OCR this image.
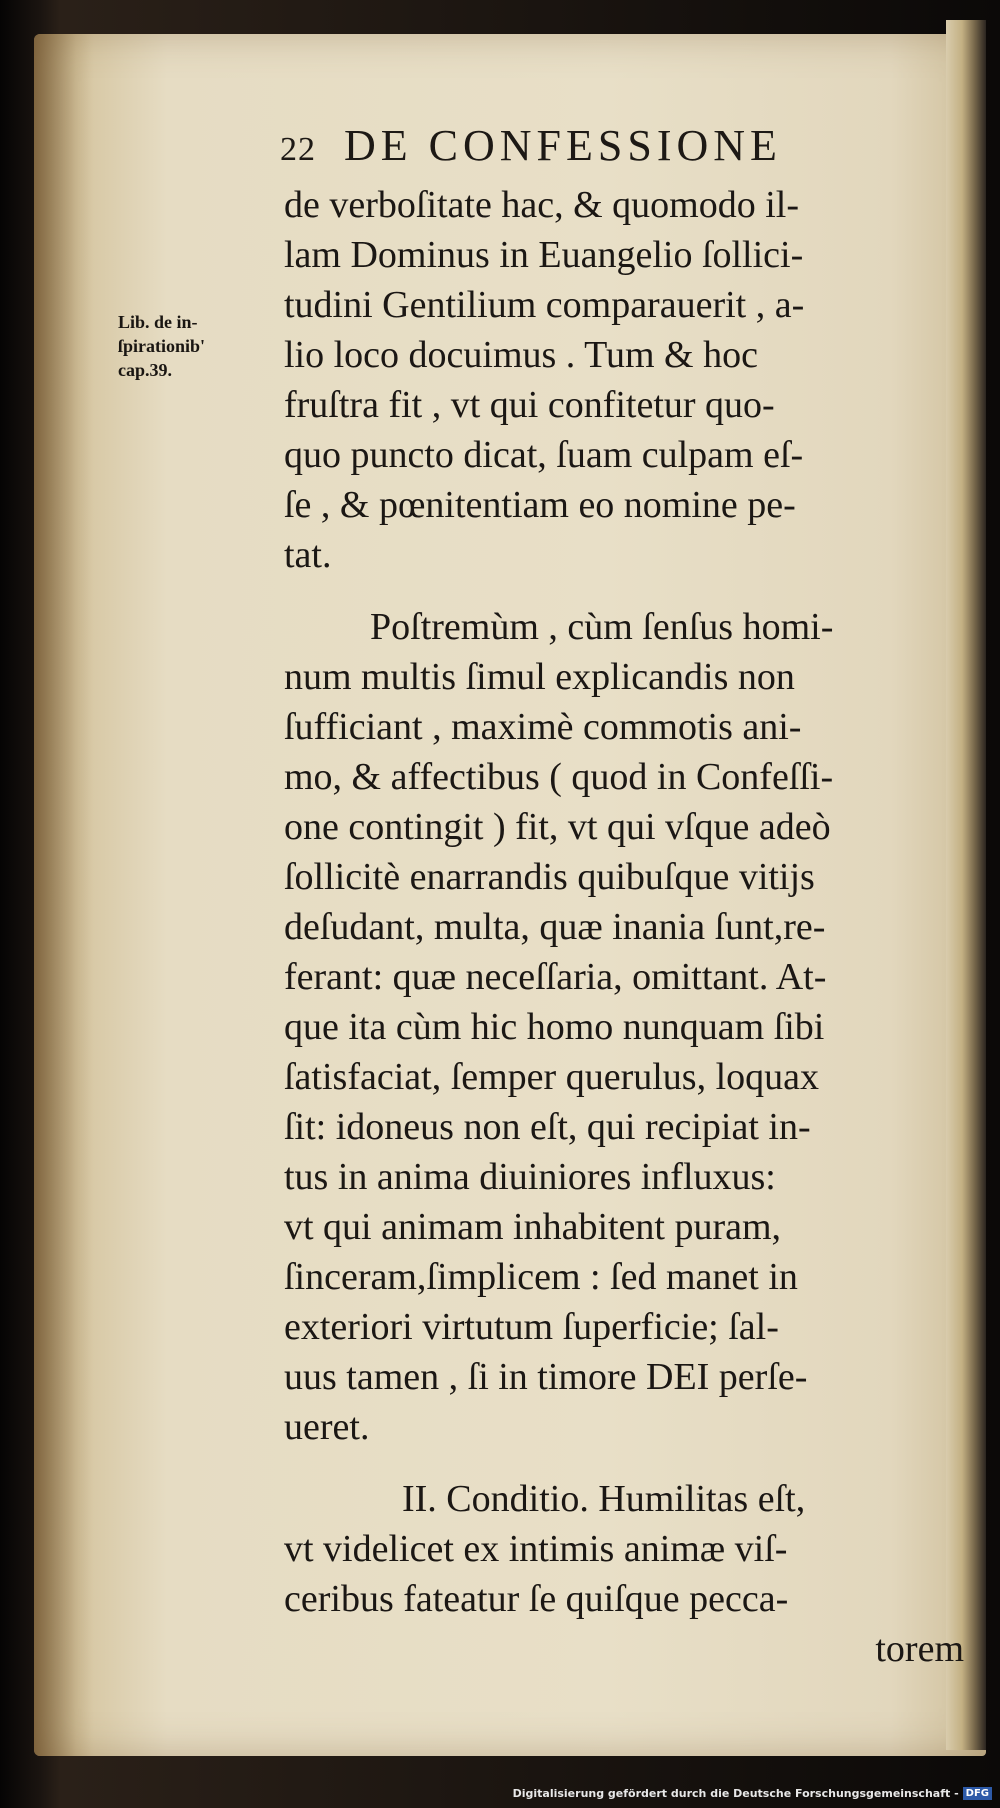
22 DE CONFESSIONE
Lib. de in-
ſpirationib'
cap.39.
de verboſitate hac, & quomodo il-
lam Dominus in Euangelio ſollici-
tudini Gentilium comparauerit , a-
lio loco docuimus . Tum & hoc
fruſtra fit , vt qui confitetur quo-
quo puncto dicat, ſuam culpam eſ-
ſe , & pœnitentiam eo nomine pe-
tat.
Poſtremùm , cùm ſenſus homi-
num multis ſimul explicandis non
ſufficiant , maximè commotis ani-
mo, & affectibus ( quod in Confeſſi-
one contingit ) fit, vt qui vſque adeò
ſollicitè enarrandis quibuſque vitijs
deſudant, multa, quæ inania ſunt,re-
ferant: quæ neceſſaria, omittant. At-
que ita cùm hic homo nunquam ſibi
ſatisfaciat, ſemper querulus, loquax
ſit: idoneus non eſt, qui recipiat in-
tus in anima diuiniores influxus:
vt qui animam inhabitent puram,
ſinceram,ſimplicem : ſed manet in
exteriori virtutum ſuperficie; ſal-
uus tamen , ſi in timore DEI perſe-
ueret.
II. Conditio. Humilitas eſt,
vt videlicet ex intimis animæ viſ-
ceribus fateatur ſe quiſque pecca-
torem
Digitalisierung gefördert durch die Deutsche Forschungsgemeinschaft - DFG
